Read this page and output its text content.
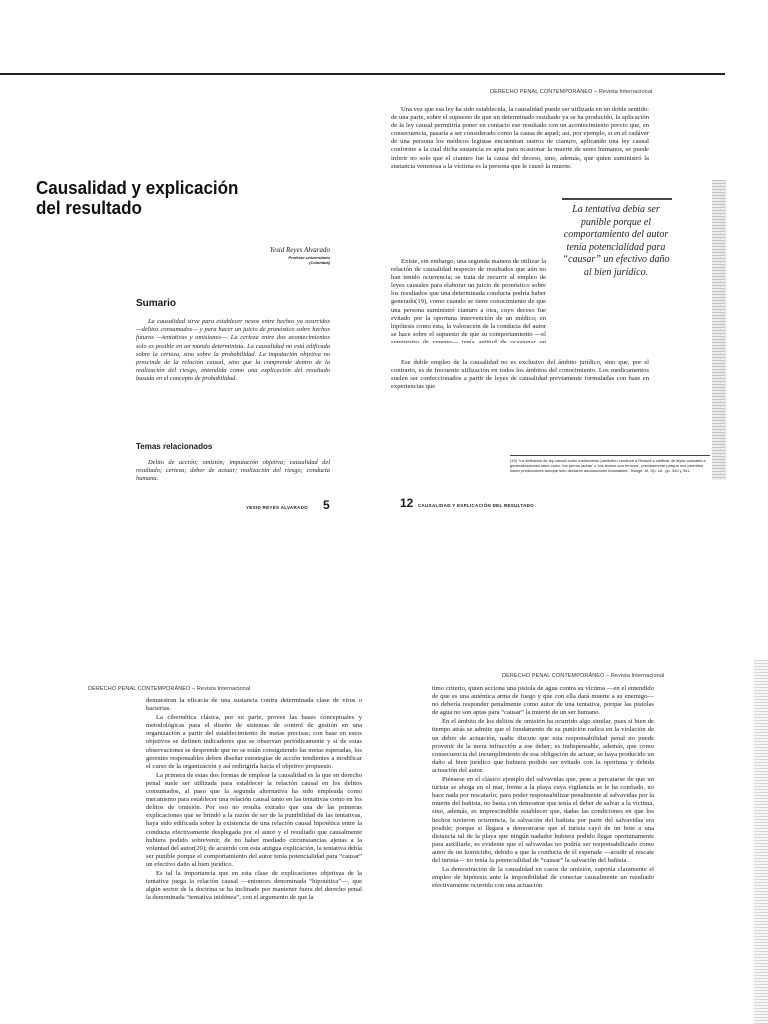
Causalidad y explicación del resultado
Yesid Reyes Alvarado
Profesor universitario
(Colombia)
Sumario
La causalidad sirve para establecer nexos entre hechos ya ocurridos —delitos consumados— y para hacer un juicio de pronóstico sobre hechos futuros —tentativas y omisiones—. La certeza entre dos acontecimientos solo es posible en un mundo determinista. La causalidad no está edificada sobre la certeza, sino sobre la probabilidad. La imputación objetiva no prescinde de la relación causal, sino que la comprende dentro de la realización del riesgo, entendida como una explicación del resultado basada en el concepto de probabilidad.
Temas relacionados
Delito de acción; omisión; imputación objetiva; causalidad del resultado; certeza; deber de actuar; realización del riesgo; conducta humana.
YESID REYES ALVARADO 5
DERECHO PENAL CONTEMPORÁNEO – Revista Internacional

Una vez que esa ley ha sido establecida, la causalidad puede ser utilizada en un doble sentido: de una parte, sobre el supuesto de que un determinado resultado ya se ha producido, la aplicación de la ley causal permitiría poner en contacto ese resultado con un acontecimiento previo que, en consecuencia, pasaría a ser considerado como la causa de aquel; así, por ejemplo, si en el cadáver de una persona los médicos legistas encuentran rastros de cianuro, aplicando una ley causal conforme a la cual dicha sustancia es apta para ocasionar la muerte de seres humanos, se puede inferir no solo que el cianuro fue la causa del deceso, sino, además, que quien suministró la sustancia venenosa a la víctima es la persona que le causó la muerte.

Existe, sin embargo, una segunda manera de utilizar la relación de causalidad respecto de resultados que aún no han tenido ocurrencia; se trata de recurrir al empleo de leyes causales para elaborar un juicio de pronóstico sobre los resultados que una determinada conducta podría haber generado(19), como cuando se tiene conocimiento de que una persona suministró cianuro a otra, cuyo deceso fue evitado por la oportuna intervención de un médico; en hipótesis como esta, la valoración de la conducta del autor se hace sobre el supuesto de que su comportamiento —el

Ese doble empleo de la causalidad no es exclusivo del ámbito jurídico, sino que, por el contrario, es de frecuente utilización en todos los ámbitos del conocimiento. Los medicamentos suelen ser confeccionados a partir de leyes de causalidad previamente formuladas con base en experiencias que

La tentativa debía ser punible porque el comportamiento del autor tenía potencialidad para “causar” un efectivo daño al bien jurídico.
(19) “La definición de ley causal como instrumento predictivo conduce a Russell a calificar de leyes causales a generalizaciones tales como ‘los perros ladran’ o ‘los leones son feroces’, precisamente porque nos permiten hacer predicciones aunque solo declaren asociaciones invariables”, Bunge, M. Op. cit., pp. 340 y 341.
12 CAUSALIDAD Y EXPLICACIÓN DEL RESULTADO
DERECHO PENAL CONTEMPORÁNEO – Revista Internacional

demuestran la eficacia de una sustancia contra determinada clase de virus o bacterias.

La cibernética clásica, por su parte, provee las bases conceptuales y metodológicas para el diseño de sistemas de control de gestión en una organización a partir del establecimiento de metas precisas; con base en estos objetivos se definen indicadores que se observan periódicamente y si de estas observaciones se desprende que no se están consiguiendo las metas esperadas, los gerentes responsables deben diseñar estrategias de acción tendientes a modificar el curso de la organización y así redirigirla hacia el objetivo propuesto.

La primera de estas dos formas de emplear la causalidad es la que en derecho penal suele ser utilizada para establecer la relación causal en los delitos consumados, al paso que la segunda alternativa ha sido empleada como mecanismo para establecer una relación causal tanto en las tentativas como en los delitos de omisión. Por eso no resulta extraño que una de las primeras explicaciones que se brindó a la razón de ser de la punibilidad de las tentativas, haya sido edificada sobre la existencia de una relación causal hipotética entre la conducta efectivamente desplegada por el autor y el resultado que causalmente hubiera podido sobrevenir, de no haber mediado circunstancias ajenas a la voluntad del autor(20); de acuerdo con esta antigua explicación, la tentativa debía ser punible porque el comportamiento del autor tenía potencialidad para “causar” un efectivo daño al bien jurídico.

Es tal la importancia que en esta clase de explicaciones objetivas de la tentativa juega la relación causal —entonces denominada “hipotética”—, que algún sector de la doctrina se ha inclinado por mantener fuera del derecho penal la denominada “tentativa inidónea”, con el argumento de que la

DERECHO PENAL CONTEMPORÁNEO – Revista Internacional

timo criterio, quien acciona una pistola de agua contra su víctima —en el entendido de que es una auténtica arma de fuego y que con ella dará muerte a su enemigo— no debería responder penalmente como autor de una tentativa, porque las pistolas de agua no son aptas para “causar” la muerte de un ser humano.

En el ámbito de los delitos de omisión ha ocurrido algo similar, pues si bien de tiempo atrás se admite que el fundamento de su punición radica en la violación de un deber de actuación, nadie discute que esta responsabilidad penal no puede provenir de la mera infracción a ese deber; es indispensable, además, que como consecuencia del incumplimiento de esa obligación de actuar, se haya producido un daño al bien jurídico que hubiera podido ser evitado con la oportuna y debida actuación del autor.

Piénsese en el clásico ejemplo del salvavidas que, pese a percatarse de que un turista se ahoga en el mar, frente a la playa cuya vigilancia se le ha confiado, no hace nada por rescatarlo; para poder responsabilizar penalmente al salvavidas por la muerte del bañista, no basta con demostrar que tenía el deber de salvar a la víctima, sino, además, es imprescindible establecer que, dadas las condiciones en que los hechos tuvieron ocurrencia, la salvación del bañista por parte del salvavidas era posible; porque si llegara a demostrarse que el turista cayó de un bote a una distancia tal de la playa que ningún nadador hubiera podido llegar oportunamente para auxiliarle, es evidente que el salvavidas no podría ser responsabilizado como autor de un homicidio, debido a que la conducta de él esperada —acudir al rescate del turista— no tenía la potencialidad de “causar” la salvación del bañista.

La demostración de la causalidad en casos de omisión, suponía claramente el empleo de hipótesis ante la imposibilidad de conectar causalmente un resultado efectivamente ocurrido con una actuación
